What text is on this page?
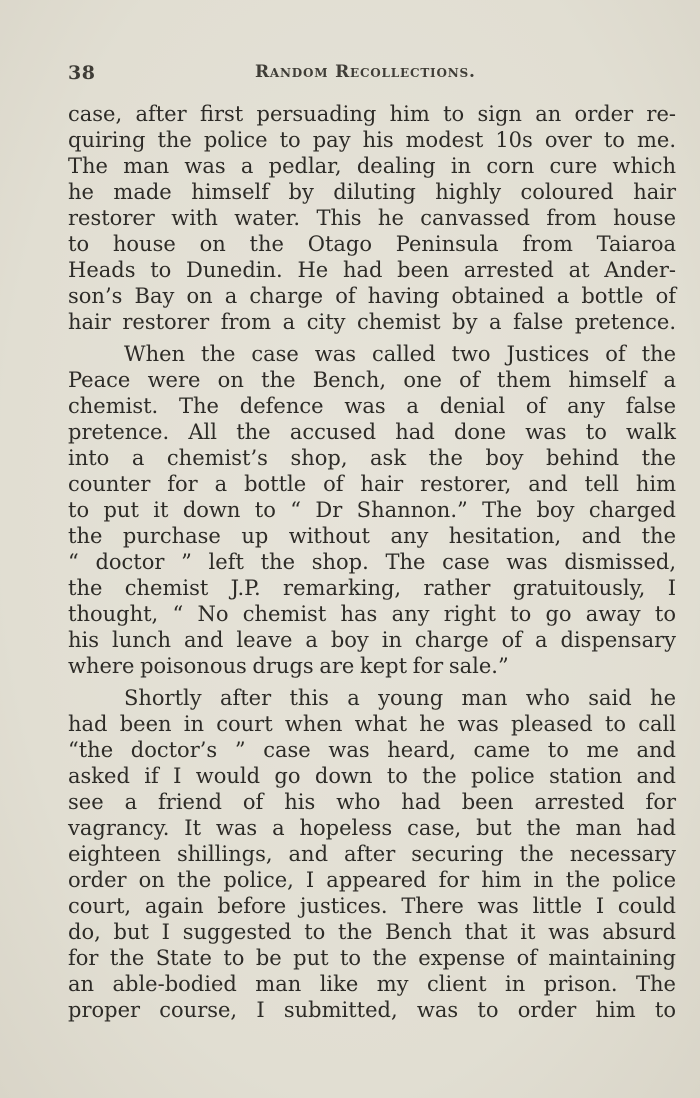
38	Random Recollections.
case, after first persuading him to sign an order re-
quiring the police to pay his modest 10s over to me.
The man was a pedlar, dealing in corn cure which
he made himself by diluting highly coloured hair
restorer with water. This he canvassed from house
to house on the Otago Peninsula from Taiaroa
Heads to Dunedin. He had been arrested at Ander-
son’s Bay on a charge of having obtained a bottle of
hair restorer from a city chemist by a false pretence.
When the case was called two Justices of the
Peace were on the Bench, one of them himself a
chemist. The defence was a denial of any false
pretence. All the accused had done was to walk
into a chemist’s shop, ask the boy behind the
counter for a bottle of hair restorer, and tell him
to put it down to “ Dr Shannon.” The boy charged
the purchase up without any hesitation, and the
“ doctor ” left the shop. The case was dismissed,
the chemist J.P. remarking, rather gratuitously, I
thought, “ No chemist has any right to go away to
his lunch and leave a boy in charge of a dispensary
where poisonous drugs are kept for sale.”
Shortly after this a young man who said he
had been in court when what he was pleased to call
“the doctor’s ” case was heard, came to me and
asked if I would go down to the police station and
see a friend of his who had been arrested for
vagrancy. It was a hopeless case, but the man had
eighteen shillings, and after securing the necessary
order on the police, I appeared for him in the police
court, again before justices. There was little I could
do, but I suggested to the Bench that it was absurd
for the State to be put to the expense of maintaining
an able-bodied man like my client in prison. The
proper course, I submitted, was to order him to
